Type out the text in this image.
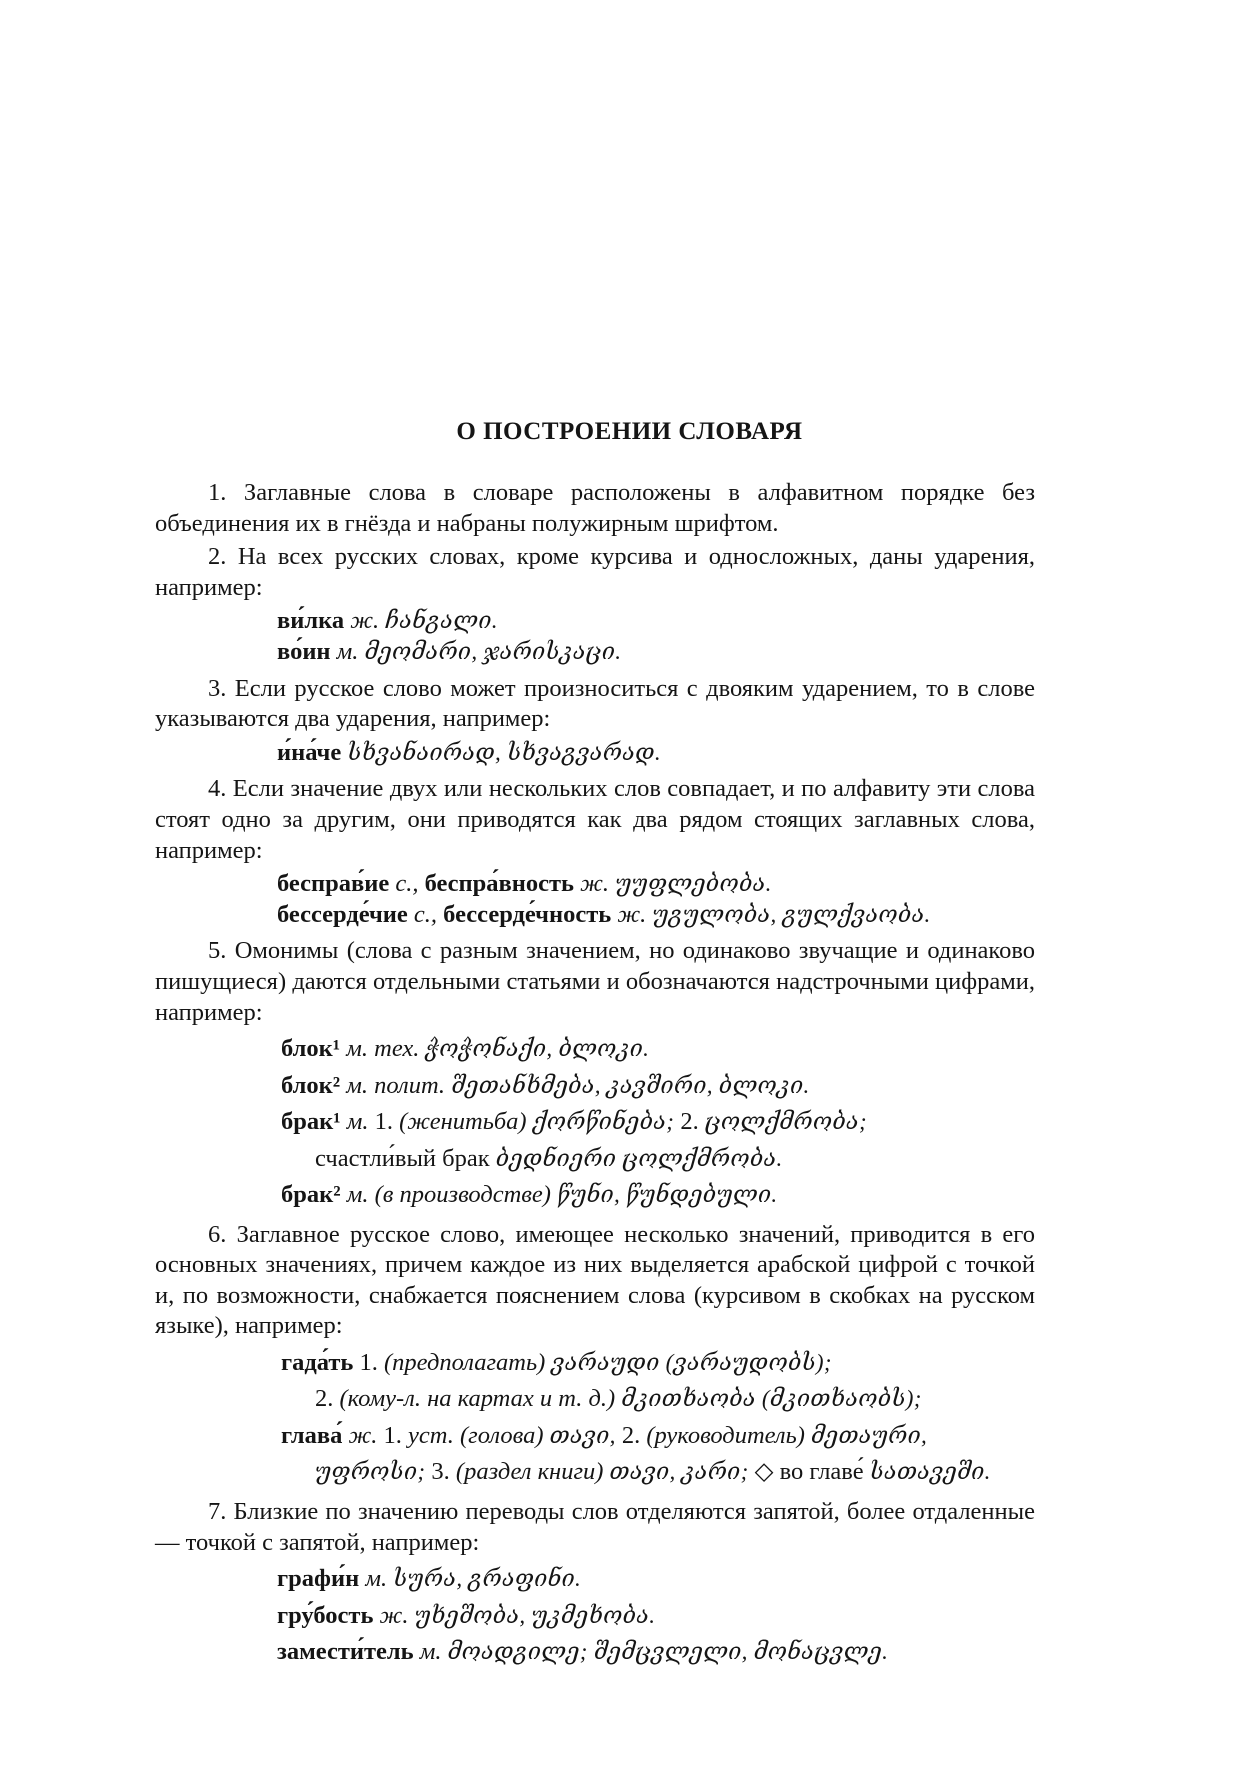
О ПОСТРОЕНИИ СЛОВАРЯ

1. Заглавные слова в словаре расположены в алфавитном порядке без объединения их в гнёзда и набраны полужирным шрифтом.

2. На всех русских словах, кроме курсива и односложных, даны ударения, например:

ви́лка ж. ჩანგალი.

во́ин м. მეომარი, ჯარისკაცი.

3. Если русское слово может произноситься с двояким ударением, то в слове указываются два ударения, например:

и́на́че სხვანაირად, სხვაგვარად.

4. Если значение двух или нескольких слов совпадает, и по алфавиту эти слова стоят одно за другим, они приводятся как два рядом стоящих заглавных слова, например:

бесправ́ие с., беспра́вность ж. უუფლებობა.

бессерде́чие с., бессерде́чность ж. უგულობა, გულქვაობა.

5. Омонимы (слова с разным значением, но одинаково звучащие и одинаково пишущиеся) даются отдельными статьями и обозначаются надстрочными цифрами, например:

блок¹ м. тех. ჭოჭონაქი, ბლოკი.

блок² м. полит. შეთანხმება, კავშირი, ბლოკი.

брак¹ м. 1. (женитьба) ქორწინება; 2. ცოლქმრობა;

счастли́вый брак ბედნიერი ცოლქმრობა.

брак² м. (в производстве) წუნი, წუნდებული.

6. Заглавное русское слово, имеющее несколько значений, приводится в его основных значениях, причем каждое из них выделяется арабской цифрой с точкой и, по возможности, снабжается пояснением слова (курсивом в скобках на русском языке), например:

гада́ть 1. (предполагать) ვარაუდი (ვარაუდობს);

2. (кому-л. на картах и т. д.) მკითხაობა (მკითხაობს);

глава́ ж. 1. уст. (голова) თავი, 2. (руководитель) მეთაური,

უფროსი; 3. (раздел книги) თავი, კარი; ◇ во главе́ სათავეში.

7. Близкие по значению переводы слов отделяются запятой, более отдаленные — точкой с запятой, например:

графи́н м. სურა, გრაფინი.

гру́бость ж. უხეშობა, უკმეხობა.

замести́тель м. მოადგილე; შემცვლელი, მონაცვლე.
